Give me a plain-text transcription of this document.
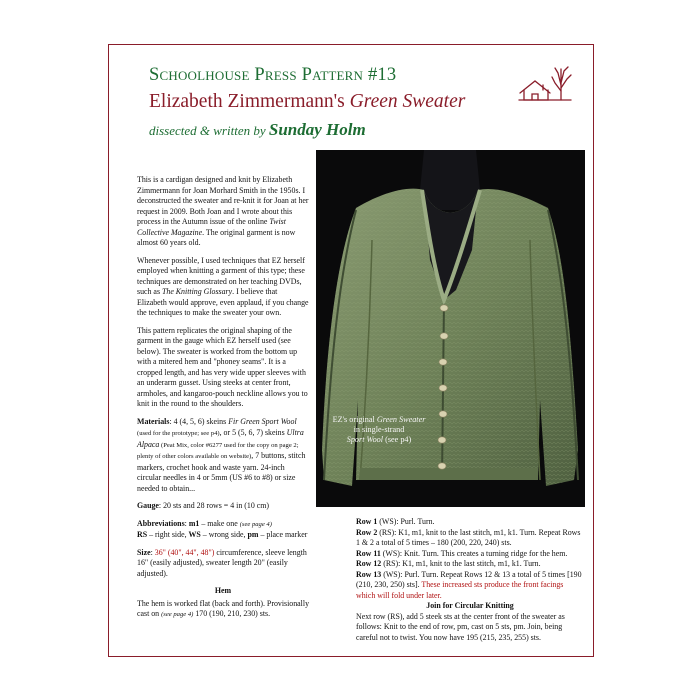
Schoolhouse Press Pattern #13
Elizabeth Zimmermann's Green Sweater
dissected & written by Sunday Holm
EZ's original Green Sweater
in single-strand
Sport Wool (see p4)

This is a cardigan designed and knit by Elizabeth Zimmermann for Joan Morhard Smith in the 1950s. I deconstructed the sweater and re-knit it for Joan at her request in 2009. Both Joan and I wrote about this process in the Autumn issue of the online Twist Collective Magazine. The original garment is now almost 60 years old.

Whenever possible, I used techniques that EZ herself employed when knitting a garment of this type; these techniques are demonstrated on her teaching DVDs, such as The Knitting Glossary. I believe that Elizabeth would approve, even applaud, if you change the techniques to make the sweater your own.

This pattern replicates the original shaping of the garment in the gauge which EZ herself used (see below). The sweater is worked from the bottom up with a mitered hem and "phoney seams". It is a cropped length, and has very wide upper sleeves with an underarm gusset. Using steeks at center front, armholes, and kangaroo-pouch neckline allows you to knit in the round to the shoulders.

Materials: 4 (4, 5, 6) skeins Fir Green Sport Wool (used for the prototype; see p4), or 5 (5, 6, 7) skeins Ultra Alpaca (Peat Mix, color #6277 used for the copy on page 2; plenty of other colors available on website), 7 buttons, stitch markers, crochet hook and waste yarn. 24-inch circular needles in 4 or 5mm (US #6 to #8) or size needed to obtain...

Gauge: 20 sts and 28 rows = 4 in (10 cm)

Abbreviations: m1 – make one (see page 4)
RS – right side, WS – wrong side, pm – place marker

Size: 36" (40", 44", 48") circumference, sleeve length 16" (easily adjusted), sweater length 20" (easily adjusted).

Hem

The hem is worked flat (back and forth). Provisionally cast on (see page 4) 170 (190, 210, 230) sts.

Row 1 (WS): Purl. Turn.

Row 2 (RS): K1, m1, knit to the last stitch, m1, k1. Turn. Repeat Rows 1 & 2 a total of 5 times – 180 (200, 220, 240) sts.

Row 11 (WS): Knit. Turn. This creates a turning ridge for the hem.

Row 12 (RS): K1, m1, knit to the last stitch, m1, k1. Turn.

Row 13 (WS): Purl. Turn. Repeat Rows 12 & 13 a total of 5 times [190 (210, 230, 250) sts]. These increased sts produce the front facings which will fold under later.

Join for Circular Knitting

Next row (RS), add 5 steek sts at the center front of the sweater as follows: Knit to the end of row, pm, cast on 5 sts, pm. Join, being careful not to twist. You now have 195 (215, 235, 255) sts.
